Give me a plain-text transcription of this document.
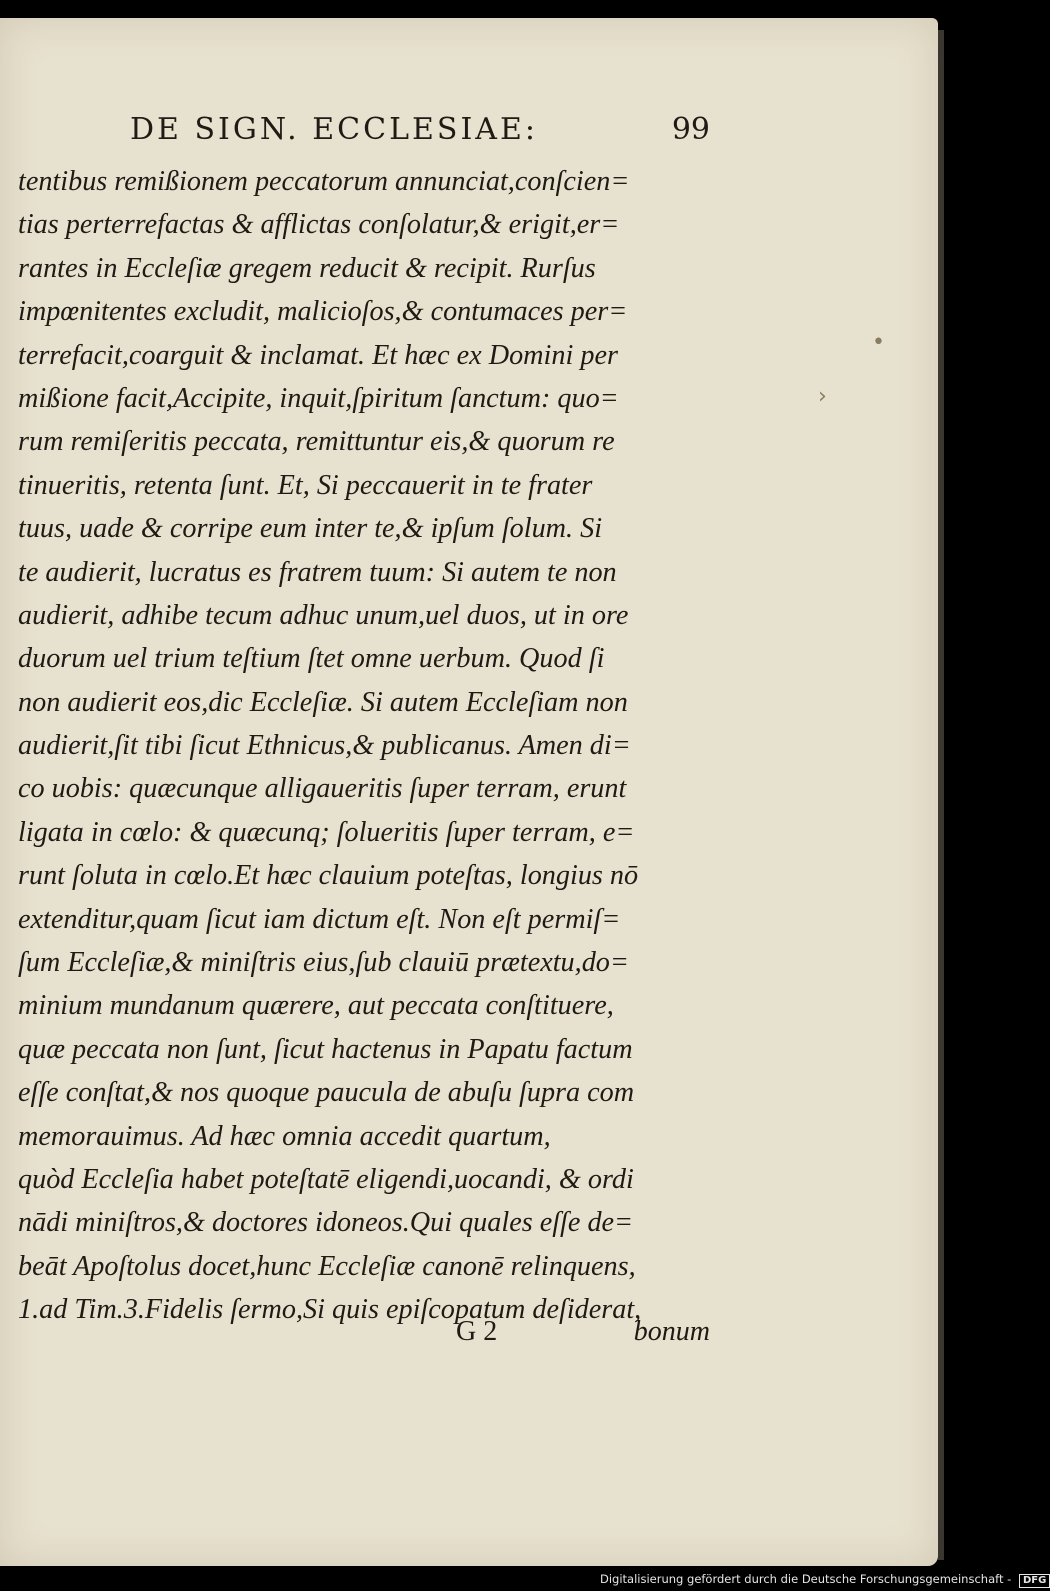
DE SIGN. ECCLESIAE:	99
tentibus remißionem peccatorum annunciat,conſcien=
tias perterrefactas & afflictas conſolatur,& erigit,er=
rantes in Eccleſiæ gregem reducit & recipit. Rurſus
impœnitentes excludit, malicioſos,& contumaces per=
terrefacit,coarguit & inclamat. Et hæc ex Domini per
mißione facit,Accipite, inquit,ſpiritum ſanctum: quo=
rum remiſeritis peccata, remittuntur eis,& quorum re
tinueritis, retenta ſunt. Et, Si peccauerit in te frater
tuus, uade & corripe eum inter te,& ipſum ſolum. Si
te audierit, lucratus es fratrem tuum: Si autem te non
audierit, adhibe tecum adhuc unum,uel duos, ut in ore
duorum uel trium teſtium ſtet omne uerbum. Quod ſi
non audierit eos,dic Eccleſiæ. Si autem Eccleſiam non
audierit,ſit tibi ſicut Ethnicus,& publicanus. Amen di=
co uobis: quæcunque alligaueritis ſuper terram, erunt
ligata in cœlo: & quæcunq; ſolueritis ſuper terram, e=
runt ſoluta in cœlo.Et hæc clauium poteſtas, longius nō
extenditur,quam ſicut iam dictum eſt. Non eſt permiſ=
ſum Eccleſiæ,& miniſtris eius,ſub clauiū prætextu,do=
minium mundanum quærere, aut peccata conſtituere,
quæ peccata non ſunt, ſicut hactenus in Papatu factum
eſſe conſtat,& nos quoque paucula de abuſu ſupra com
memorauimus. Ad hæc omnia accedit quartum,
quòd Eccleſia habet poteſtatē eligendi,uocandi, & ordi
nādi miniſtros,& doctores idoneos.Qui quales eſſe de=
beāt Apoſtolus docet,hunc Eccleſiæ canonē relinquens,
1.ad Tim.3.Fidelis ſermo,Si quis epiſcopatum deſiderat,
•
›
G 2	bonum
Digitalisierung gefördert durch die Deutsche Forschungsgemeinschaft - DFG
